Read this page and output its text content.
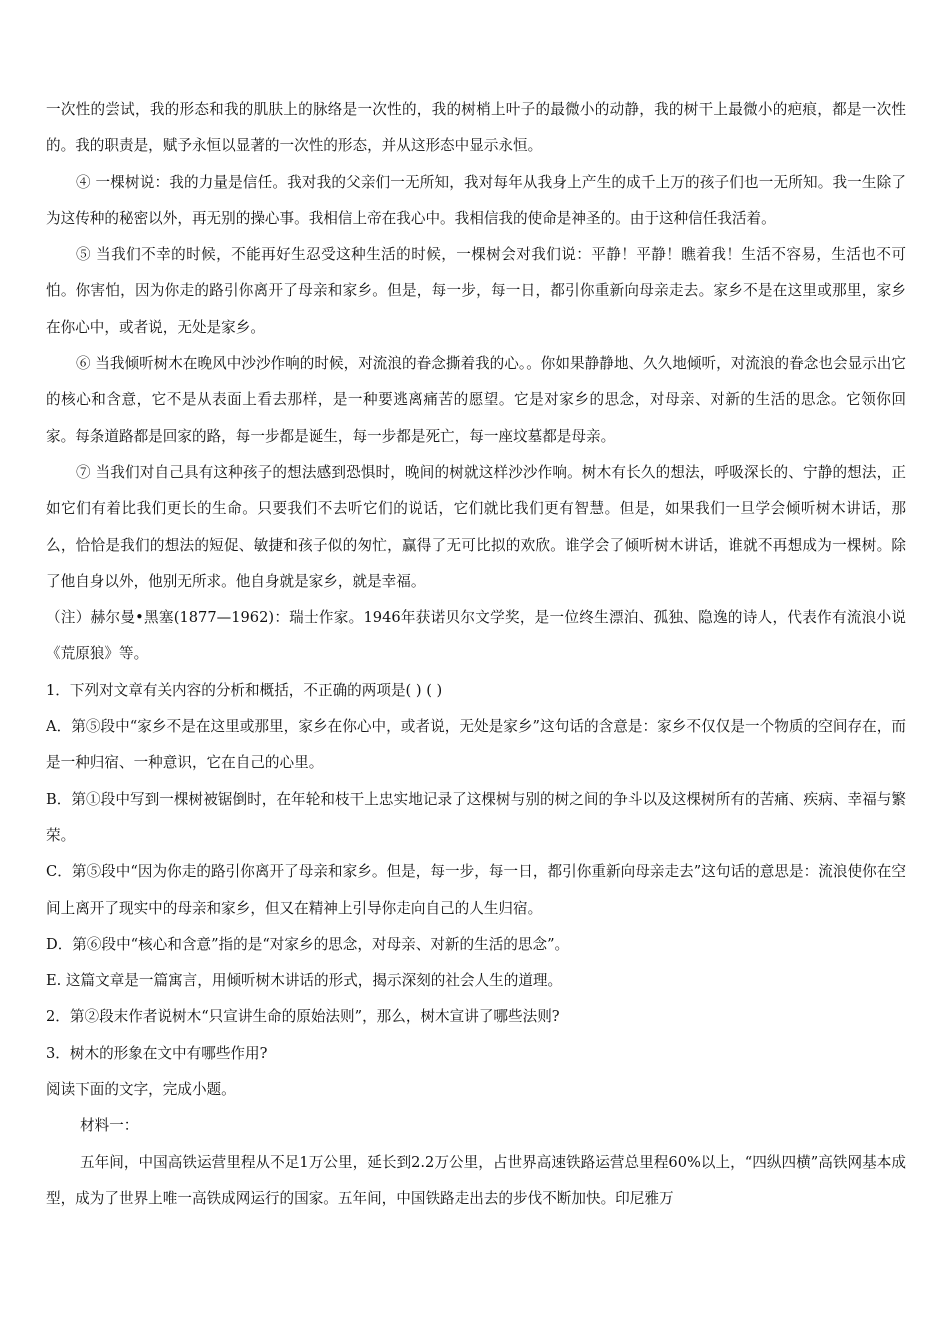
一次性的尝试，我的形态和我的肌肤上的脉络是一次性的，我的树梢上叶子的最微小的动静，我的树干上最微小的疤痕，都是一次性的。我的职责是，赋予永恒以显著的一次性的形态，并从这形态中显示永恒。

④ 一棵树说：我的力量是信任。我对我的父亲们一无所知，我对每年从我身上产生的成千上万的孩子们也一无所知。我一生除了为这传种的秘密以外，再无别的操心事。我相信上帝在我心中。我相信我的使命是神圣的。由于这种信任我活着。

⑤ 当我们不幸的时候，不能再好生忍受这种生活的时候，一棵树会对我们说：平静！平静！瞧着我！生活不容易，生活也不可怕。你害怕，因为你走的路引你离开了母亲和家乡。但是，每一步，每一日，都引你重新向母亲走去。家乡不是在这里或那里，家乡在你心中，或者说，无处是家乡。

⑥ 当我倾听树木在晚风中沙沙作响的时候，对流浪的眷念撕着我的心。。你如果静静地、久久地倾听，对流浪的眷念也会显示出它的核心和含意，它不是从表面上看去那样，是一种要逃离痛苦的愿望。它是对家乡的思念，对母亲、对新的生活的思念。它领你回家。每条道路都是回家的路，每一步都是诞生，每一步都是死亡，每一座坟墓都是母亲。

⑦ 当我们对自己具有这种孩子的想法感到恐惧时，晚间的树就这样沙沙作响。树木有长久的想法，呼吸深长的、宁静的想法，正如它们有着比我们更长的生命。只要我们不去听它们的说话，它们就比我们更有智慧。但是，如果我们一旦学会倾听树木讲话，那么，恰恰是我们的想法的短促、敏捷和孩子似的匆忙，赢得了无可比拟的欢欣。谁学会了倾听树木讲话，谁就不再想成为一棵树。除了他自身以外，他别无所求。他自身就是家乡，就是幸福。

（注）赫尔曼•黑塞(1877—1962)：瑞士作家。1946年获诺贝尔文学奖，是一位终生漂泊、孤独、隐逸的诗人，代表作有流浪小说《荒原狼》等。

1．下列对文章有关内容的分析和概括，不正确的两项是( ) ( )

A．第⑤段中“家乡不是在这里或那里，家乡在你心中，或者说，无处是家乡”这句话的含意是：家乡不仅仅是一个物质的空间存在，而是一种归宿、一种意识，它在自己的心里。

B．第①段中写到一棵树被锯倒时，在年轮和枝干上忠实地记录了这棵树与别的树之间的争斗以及这棵树所有的苦痛、疾病、幸福与繁荣。

C．第⑤段中“因为你走的路引你离开了母亲和家乡。但是，每一步，每一日，都引你重新向母亲走去”这句话的意思是：流浪使你在空间上离开了现实中的母亲和家乡，但又在精神上引导你走向自己的人生归宿。

D．第⑥段中“核心和含意”指的是“对家乡的思念，对母亲、对新的生活的思念”。

E. 这篇文章是一篇寓言，用倾听树木讲话的形式，揭示深刻的社会人生的道理。

2．第②段末作者说树木“只宣讲生命的原始法则”，那么，树木宣讲了哪些法则?

3．树木的形象在文中有哪些作用?

阅读下面的文字，完成小题。

材料一：

五年间，中国高铁运营里程从不足1万公里，延长到2.2万公里，占世界高速铁路运营总里程60%以上，“四纵四横”高铁网基本成型，成为了世界上唯一高铁成网运行的国家。五年间，中国铁路走出去的步伐不断加快。印尼雅万
